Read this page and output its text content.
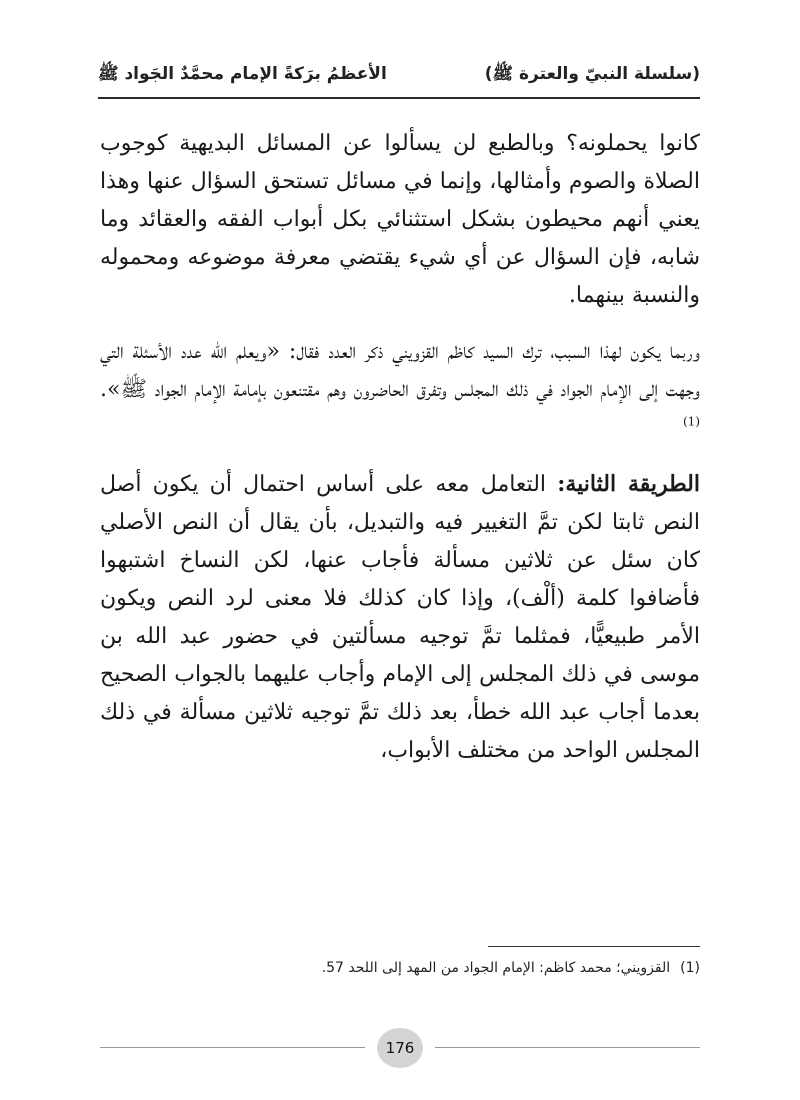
(سلسلة النبيّ والعترة ﷺ)
الأعظمُ برَكةً الإمام محمَّدٌ الجَواد ﷺ

كانوا يحملونه؟ وبالطبع لن يسألوا عن المسائل البديهية كوجوب الصلاة والصوم وأمثالها، وإنما في مسائل تستحق السؤال عنها وهذا يعني أنهم محيطون بشكل استثنائي بكل أبواب الفقه والعقائد وما شابه، فإن السؤال عن أي شيء يقتضي معرفة موضوعه ومحموله والنسبة بينهما.

وربما يكون لهذا السبب، ترك السيد كاظم القزويني ذكر العدد فقال: «ويعلم الله عدد الأسئلة التي وجهت إلى الإمام الجواد في ذلك المجلس وتفرق الحاضرون وهم مقتنعون بإمامة الإمام الجواد ﷺ».$^{(1)}$

الطريقة الثانية: التعامل معه على أساس احتمال أن يكون أصل النص ثابتا لكن تمَّ التغيير فيه والتبديل، بأن يقال أن النص الأصلي كان سئل عن ثلاثين مسألة فأجاب عنها، لكن النساخ اشتبهوا فأضافوا كلمة (ألْف)، وإذا كان كذلك فلا معنى لرد النص ويكون الأمر طبيعيًّا، فمثلما تمَّ توجيه مسألتين في حضور عبد الله بن موسى في ذلك المجلس إلى الإمام وأجاب عليهما بالجواب الصحيح بعدما أجاب عبد الله خطأ، بعد ذلك تمَّ توجيه ثلاثين مسألة في ذلك المجلس الواحد من مختلف الأبواب،

(1)القزويني؛ محمد كاظم: الإمام الجواد من المهد إلى اللحد 57.
176
